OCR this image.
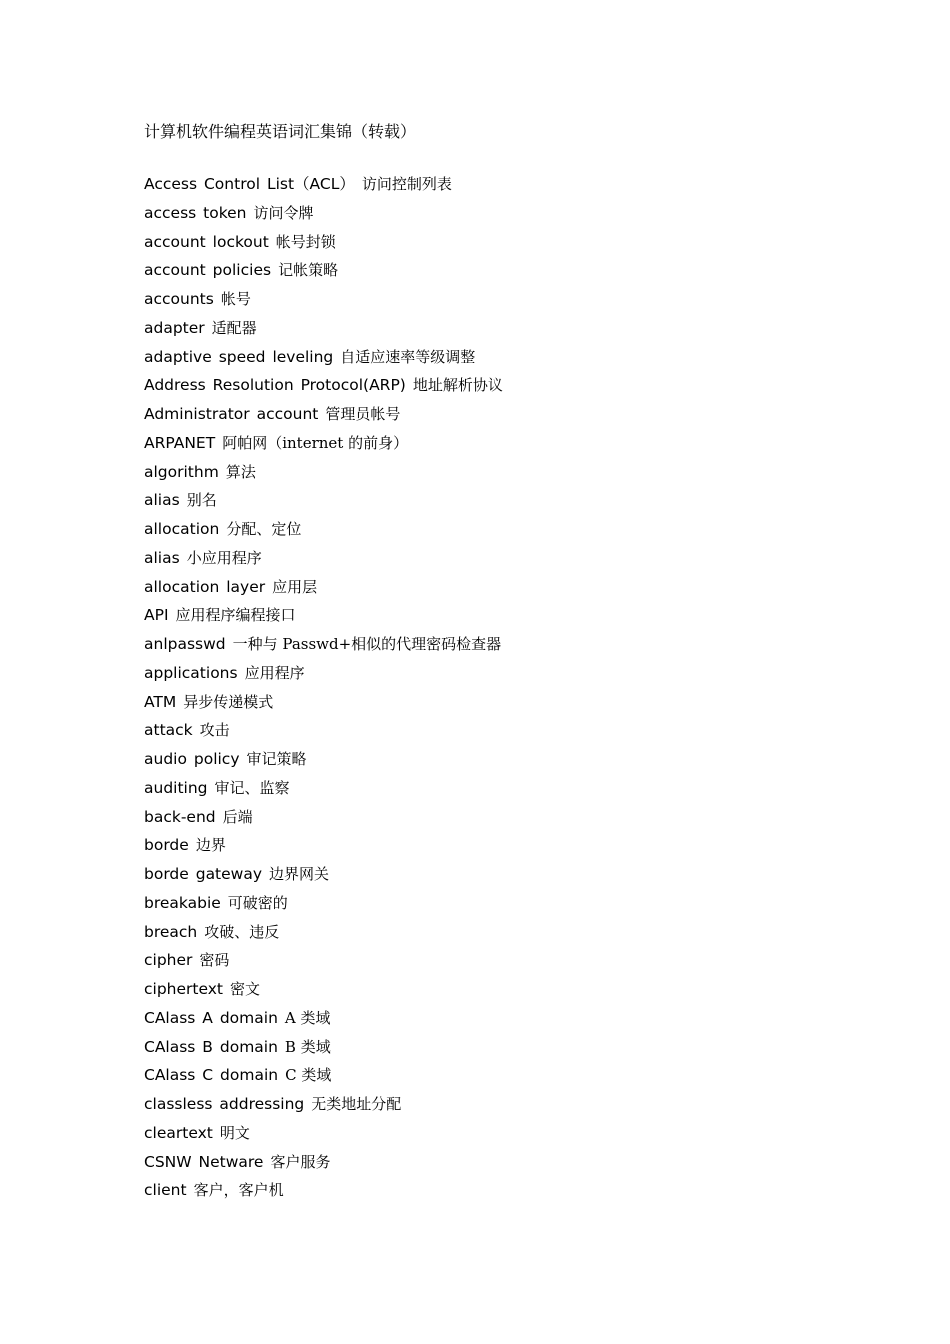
计算机软件编程英语词汇集锦（转载）
Access Control List（ACL） 访问控制列表
access token 访问令牌
account lockout 帐号封锁
account policies 记帐策略
accounts 帐号
adapter 适配器
adaptive speed leveling 自适应速率等级调整
Address Resolution Protocol(ARP) 地址解析协议
Administrator account 管理员帐号
ARPANET 阿帕网（internet 的前身）
algorithm 算法
alias 别名
allocation 分配、定位
alias 小应用程序
allocation layer 应用层
API 应用程序编程接口
anlpasswd 一种与 Passwd+相似的代理密码检查器
applications 应用程序
ATM 异步传递模式
attack 攻击
audio policy 审记策略
auditing 审记、监察
back-end 后端
borde 边界
borde gateway 边界网关
breakabie 可破密的
breach 攻破、违反
cipher 密码
ciphertext 密文
CAlass A domain A 类域
CAlass B domain B 类域
CAlass C domain C 类域
classless addressing 无类地址分配
cleartext 明文
CSNW Netware 客户服务
client 客户，客户机
